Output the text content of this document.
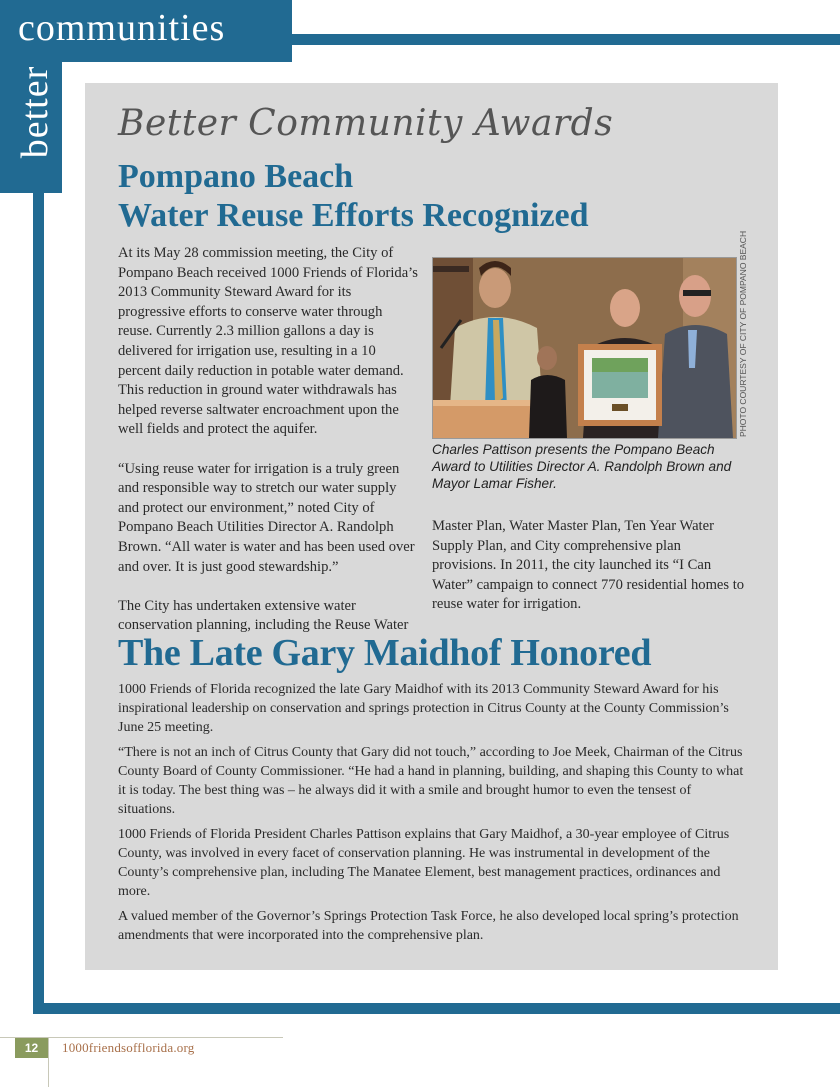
communities
better Better Community Awards
Pompano Beach
Water Reuse Efforts Recognized

At its May 28 commission meeting, the City of Pompano Beach received 1000 Friends of Florida’s 2013 Community Steward Award for its progressive efforts to conserve water through reuse. Currently 2.3 million gallons a day is delivered for irrigation use, resulting in a 10 percent daily reduction in potable water demand. This reduction in ground water withdrawals has helped reverse saltwater encroachment upon the well fields and protect the aquifer.

“Using reuse water for irrigation is a truly green and responsible way to stretch our water supply and protect our environment,” noted City of Pompano Beach Utilities Director A. Randolph Brown. “All water is water and has been used over and over. It is just good stewardship.”

The City has undertaken extensive water conservation planning, including the Reuse Water

PHOTO COURTESY OF CITY OF POMPANO BEACH
Charles Pattison presents the Pompano Beach Award to Utilities Director A. Randolph Brown and Mayor Lamar Fisher.

Master Plan, Water Master Plan, Ten Year Water Supply Plan, and City comprehensive plan provisions. In 2011, the city launched its “I Can Water” campaign to connect 770 residential homes to reuse water for irrigation.

The Late Gary Maidhof Honored

1000 Friends of Florida recognized the late Gary Maidhof with its 2013 Community Steward Award for his inspirational leadership on conservation and springs protection in Citrus County at the County Commission’s June 25 meeting.

“There is not an inch of Citrus County that Gary did not touch,” according to Joe Meek, Chairman of the Citrus County Board of County Commissioner. “He had a hand in planning, building, and shaping this County to what it is today. The best thing was – he always did it with a smile and brought humor to even the tensest of situations.

1000 Friends of Florida President Charles Pattison explains that Gary Maidhof, a 30-year employee of Citrus County, was involved in every facet of conservation planning. He was instrumental in development of the County’s comprehensive plan, including The Manatee Element, best management practices, ordinances and more.

A valued member of the Governor’s Springs Protection Task Force, he also developed local spring’s protection amendments that were incorporated into the comprehensive plan.

12	1000friendsofflorida.org
